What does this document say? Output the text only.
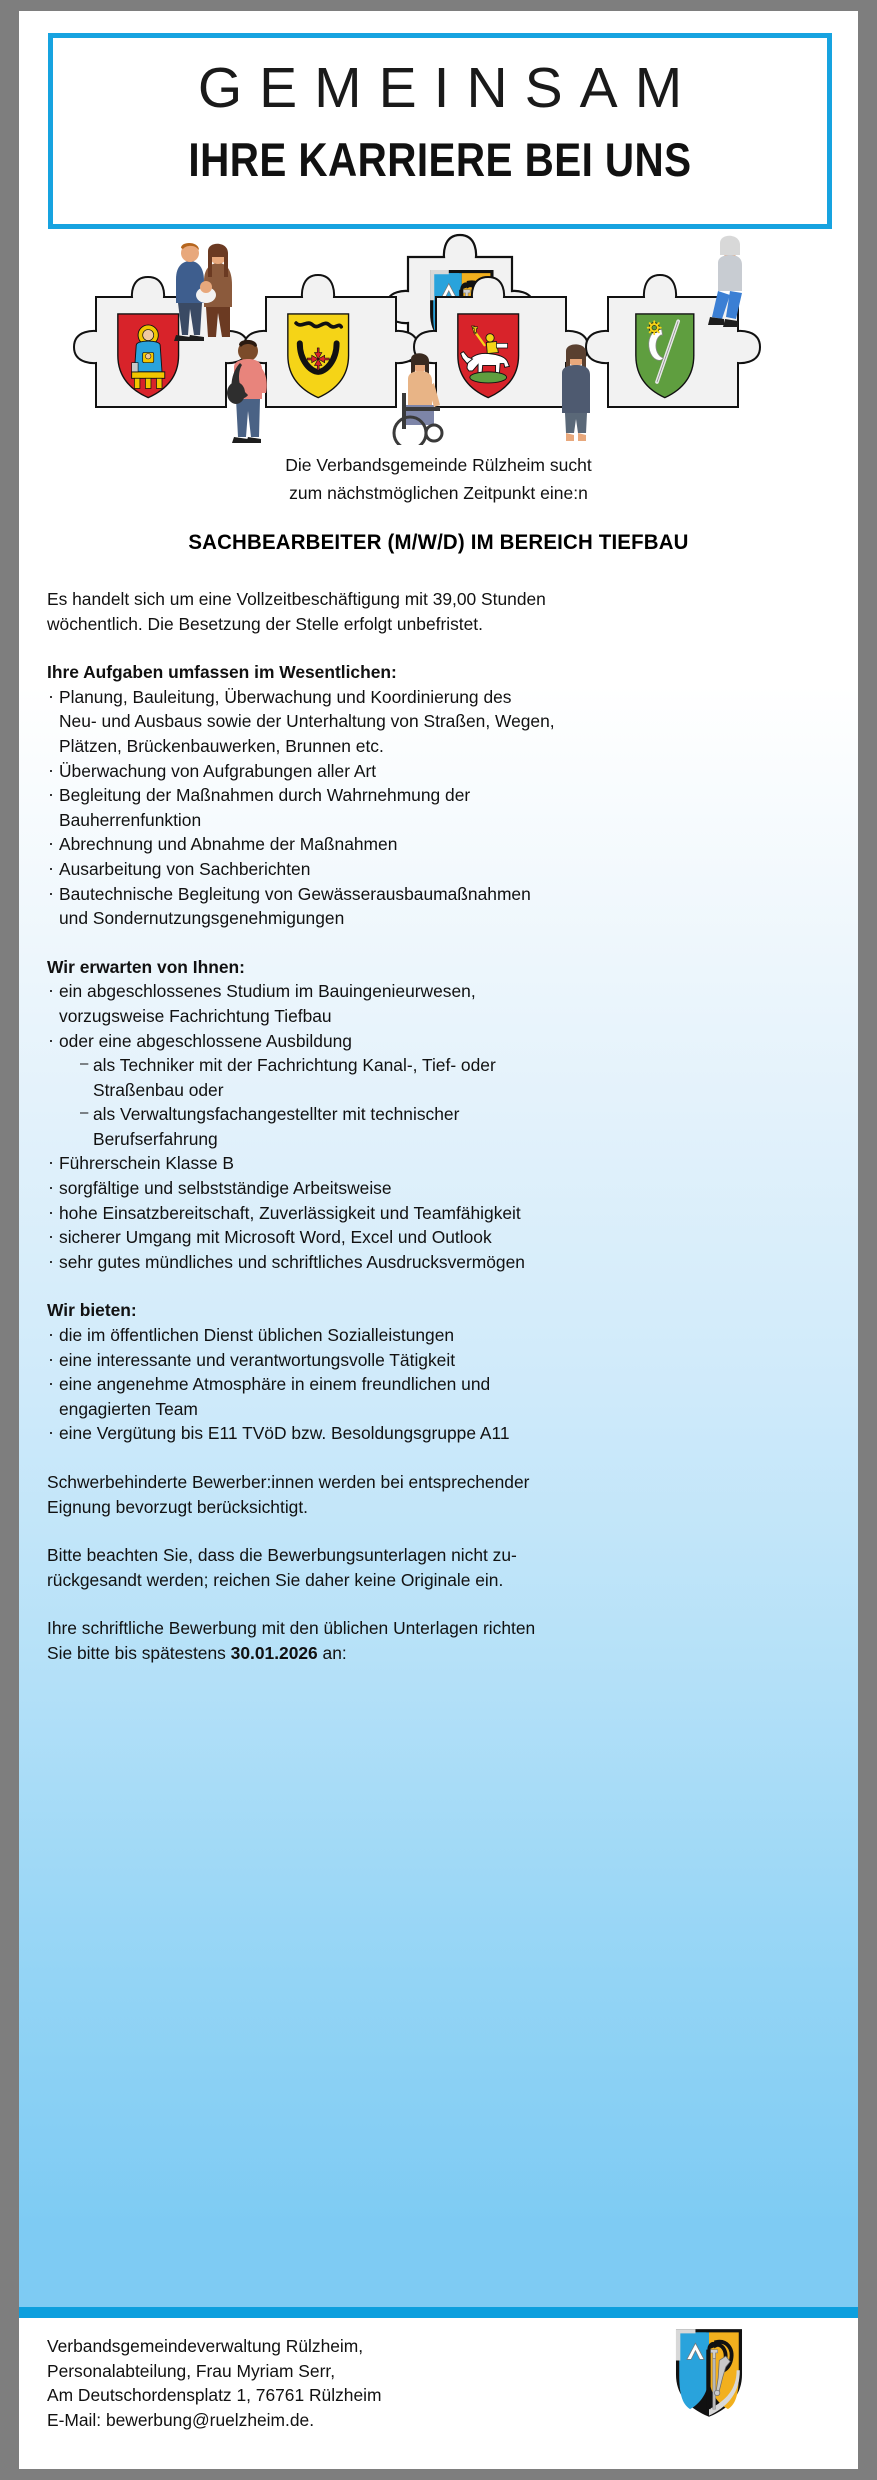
GEMEINSAM
IHRE KARRIERE BEI UNS
Die Verbandsgemeinde Rülzheim sucht
zum nächstmöglichen Zeitpunkt eine:n
SACHBEARBEITER (M/W/D) IM BEREICH TIEFBAU

Es handelt sich um eine Vollzeitbeschäftigung mit 39,00 Stunden

wöchentlich. Die Besetzung der Stelle erfolgt unbefristet.

Ihre Aufgaben umfassen im Wesentlichen:
· Planung, Bauleitung, Überwachung und Koordinierung des
Neu- und Ausbaus sowie der Unterhaltung von Straßen, Wegen,
Plätzen, Brückenbauwerken, Brunnen etc.
· Überwachung von Aufgrabungen aller Art
· Begleitung der Maßnahmen durch Wahrnehmung der
Bauherrenfunktion
· Abrechnung und Abnahme der Maßnahmen
· Ausarbeitung von Sachberichten
· Bautechnische Begleitung von Gewässerausbaumaßnahmen
und Sondernutzungsgenehmigungen
Wir erwarten von Ihnen:
· ein abgeschlossenes Studium im Bauingenieurwesen,
vorzugsweise Fachrichtung Tiefbau
· oder eine abgeschlossene Ausbildung
– als Techniker mit der Fachrichtung Kanal-, Tief- oder
Straßenbau oder
– als Verwaltungsfachangestellter mit technischer
Berufserfahrung
· Führerschein Klasse B
· sorgfältige und selbstständige Arbeitsweise
· hohe Einsatzbereitschaft, Zuverlässigkeit und Teamfähigkeit
· sicherer Umgang mit Microsoft Word, Excel und Outlook
· sehr gutes mündliches und schriftliches Ausdrucksvermögen
Wir bieten:
· die im öffentlichen Dienst üblichen Sozialleistungen
· eine interessante und verantwortungsvolle Tätigkeit
· eine angenehme Atmosphäre in einem freundlichen und
engagierten Team
· eine Vergütung bis E11 TVöD bzw. Besoldungsgruppe A11

Schwerbehinderte Bewerber:innen werden bei entsprechender

Eignung bevorzugt berücksichtigt.

Bitte beachten Sie, dass die Bewerbungsunterlagen nicht zu-

rückgesandt werden; reichen Sie daher keine Originale ein.

Ihre schriftliche Bewerbung mit den üblichen Unterlagen richten

Sie bitte bis spätestens 30.01.2026 an:

Verbandsgemeindeverwaltung Rülzheim,
Personalabteilung, Frau Myriam Serr,
Am Deutschordensplatz 1, 76761 Rülzheim
E-Mail: bewerbung@ruelzheim.de.
